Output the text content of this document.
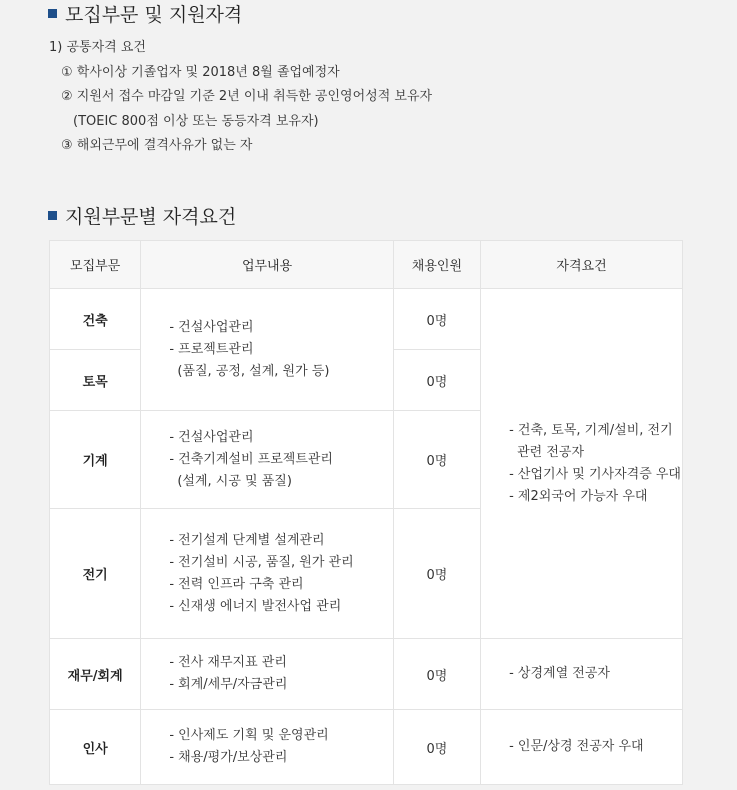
모집부문 및 지원자격
1) 공통자격 요건
① 학사이상 기졸업자 및 2018년 8월 졸업예정자
② 지원서 접수 마감일 기준 2년 이내 취득한 공인영어성적 보유자
(TOEIC 800점 이상 또는 동등자격 보유자)
③ 해외근무에 결격사유가 없는 자
지원부문별 자격요건
모집부문	업무내용	채용인원	자격요건
건축	- 건설사업관리
- 프로젝트관리
(품질, 공정, 설계, 원가 등)	0명	- 건축, 토목, 기계/설비, 전기
관련 전공자
- 산업기사 및 기사자격증 우대
- 제2외국어 가능자 우대

토목		0명	
기계	- 건설사업관리
- 건축기계설비 프로젝트관리
(설계, 시공 및 품질)	0명	
전기	- 전기설계 단계별 설계관리
- 전기설비 시공, 품질, 원가 관리
- 전력 인프라 구축 관리
- 신재생 에너지 발전사업 관리	0명	
재무/회계	- 전사 재무지표 관리
- 회계/세무/자금관리	0명	- 상경계열 전공자

인사	- 인사제도 기획 및 운영관리
- 채용/평가/보상관리	0명	- 인문/상경 전공자 우대
